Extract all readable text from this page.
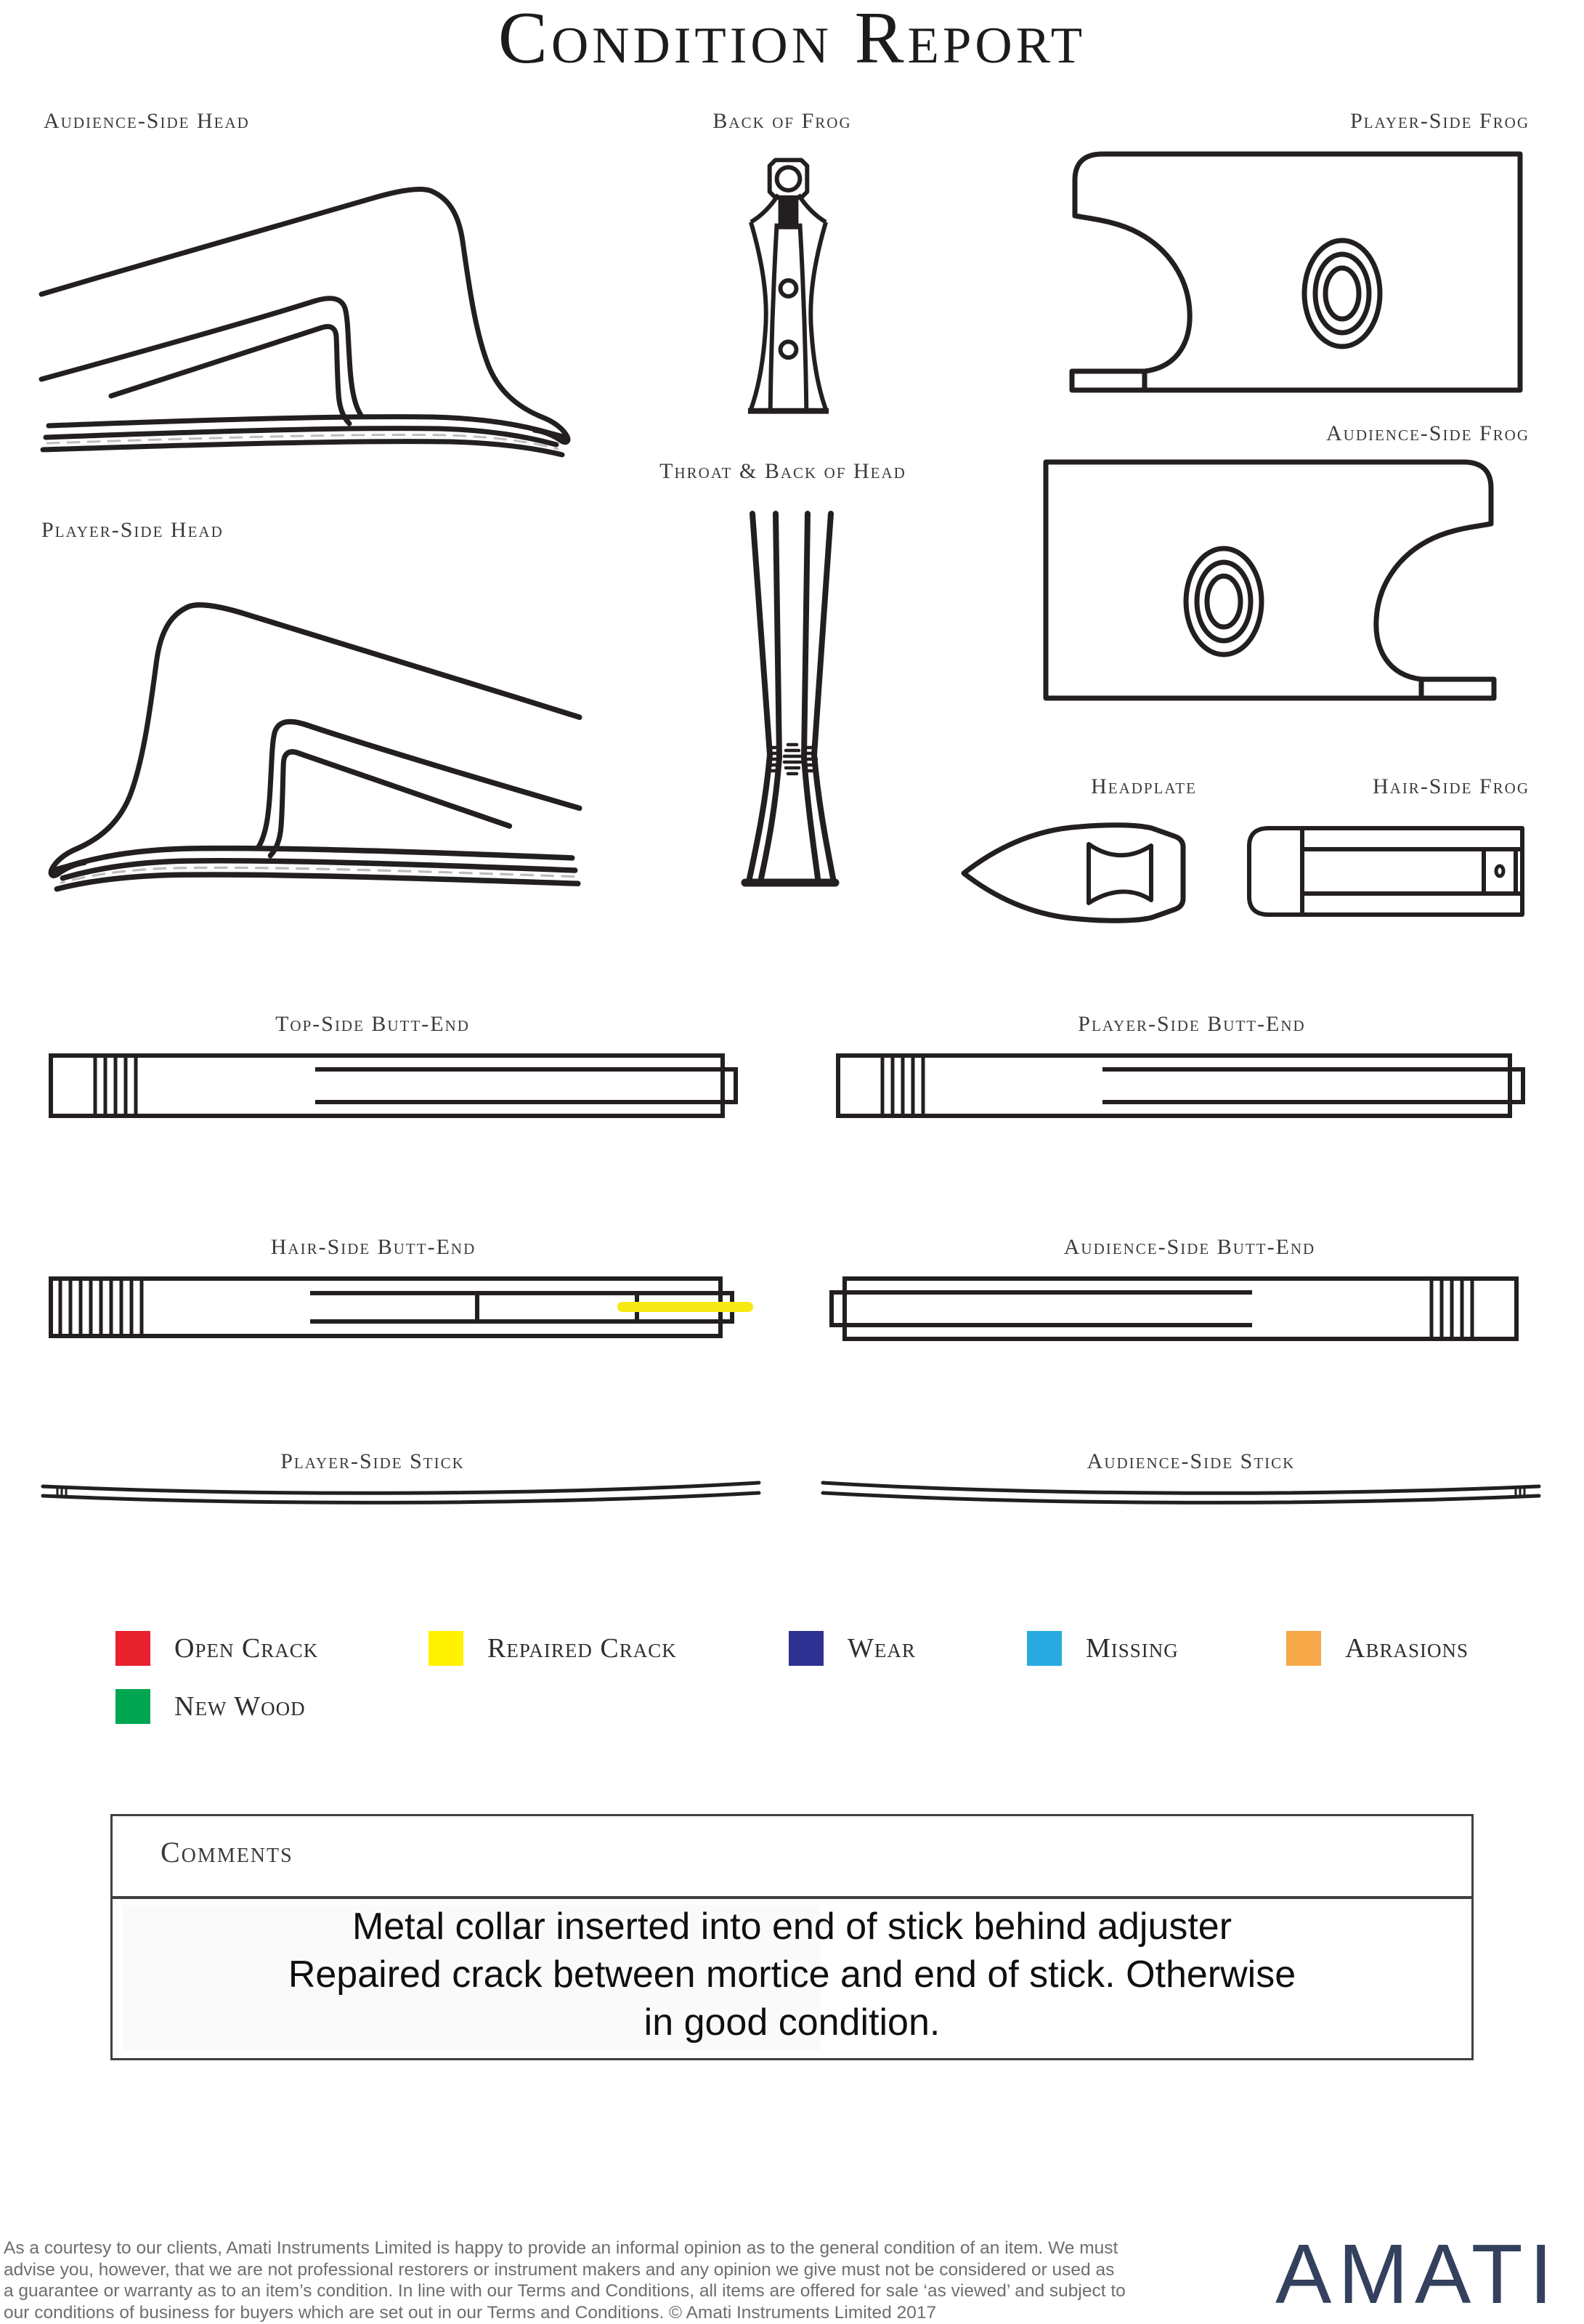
Condition Report
Audience-Side Head	Back of Frog	Player-Side Frog
Audience-Side Frog
Player-Side Head
Throat & Back of Head
Headplate	Hair-Side Frog
Top-Side Butt-End	Player-Side Butt-End
Hair-Side Butt-End	Audience-Side Butt-End
Player-Side Stick	Audience-Side Stick
Open Crack	Repaired Crack	Wear	Missing	Abrasions
New Wood
Comments
Metal collar inserted into end of stick behind adjuster
Repaired crack between mortice and end of stick. Otherwise
in good condition.
As a courtesy to our clients, Amati Instruments Limited is happy to provide an informal opinion as to the general condition of an item. We must
advise you, however, that we are not professional restorers or instrument makers and any opinion we give must not be considered or used as
a guarantee or warranty as to an item’s condition. In line with our Terms and Conditions, all items are offered for sale ‘as viewed’ and subject to
our conditions of business for buyers which are set out in our Terms and Conditions. © Amati Instruments Limited 2017	AMATI
